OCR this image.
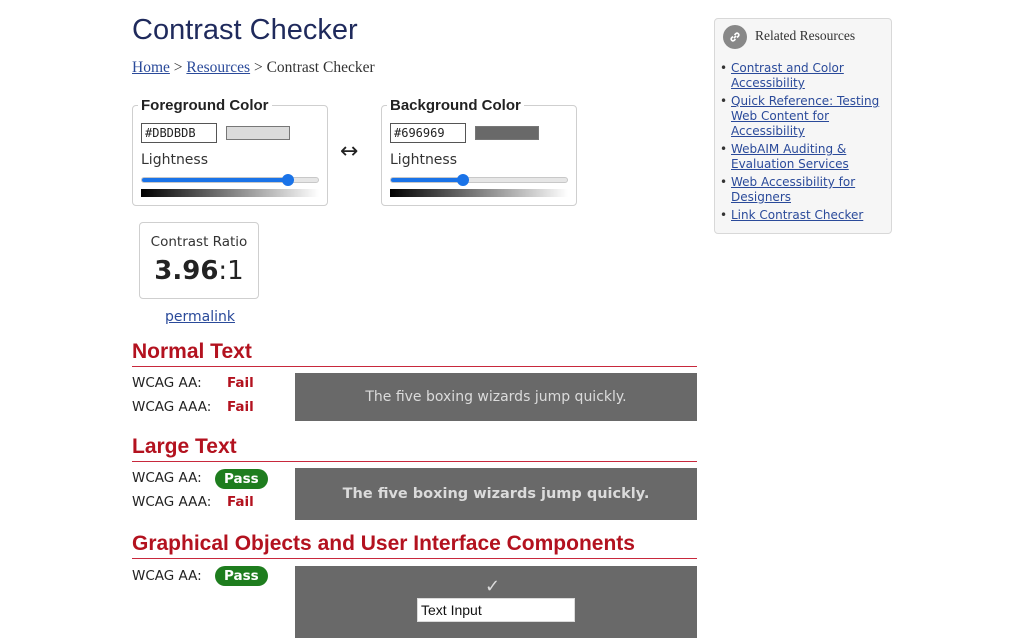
Contrast Checker
Home > Resources > Contrast Checker
Foreground Color
#DBDBDB
Lightness	↔
Background Color
#696969
Lightness
Contrast Ratio
3.96:1
permalink
Normal Text
WCAG AA: Fail
WCAG AAA: Fail
The five boxing wizards jump quickly.
Large Text
WCAG AA:	Pass
WCAG AAA: Fail	The five boxing wizards jump quickly.
Graphical Objects and User Interface Components
WCAG AA:	Pass	✓
Text Input
Related Resources
• Contrast and Color Accessibility
• Quick Reference: Testing Web Content for Accessibility
• WebAIM Auditing & Evaluation Services
• Web Accessibility for Designers
• Link Contrast Checker
